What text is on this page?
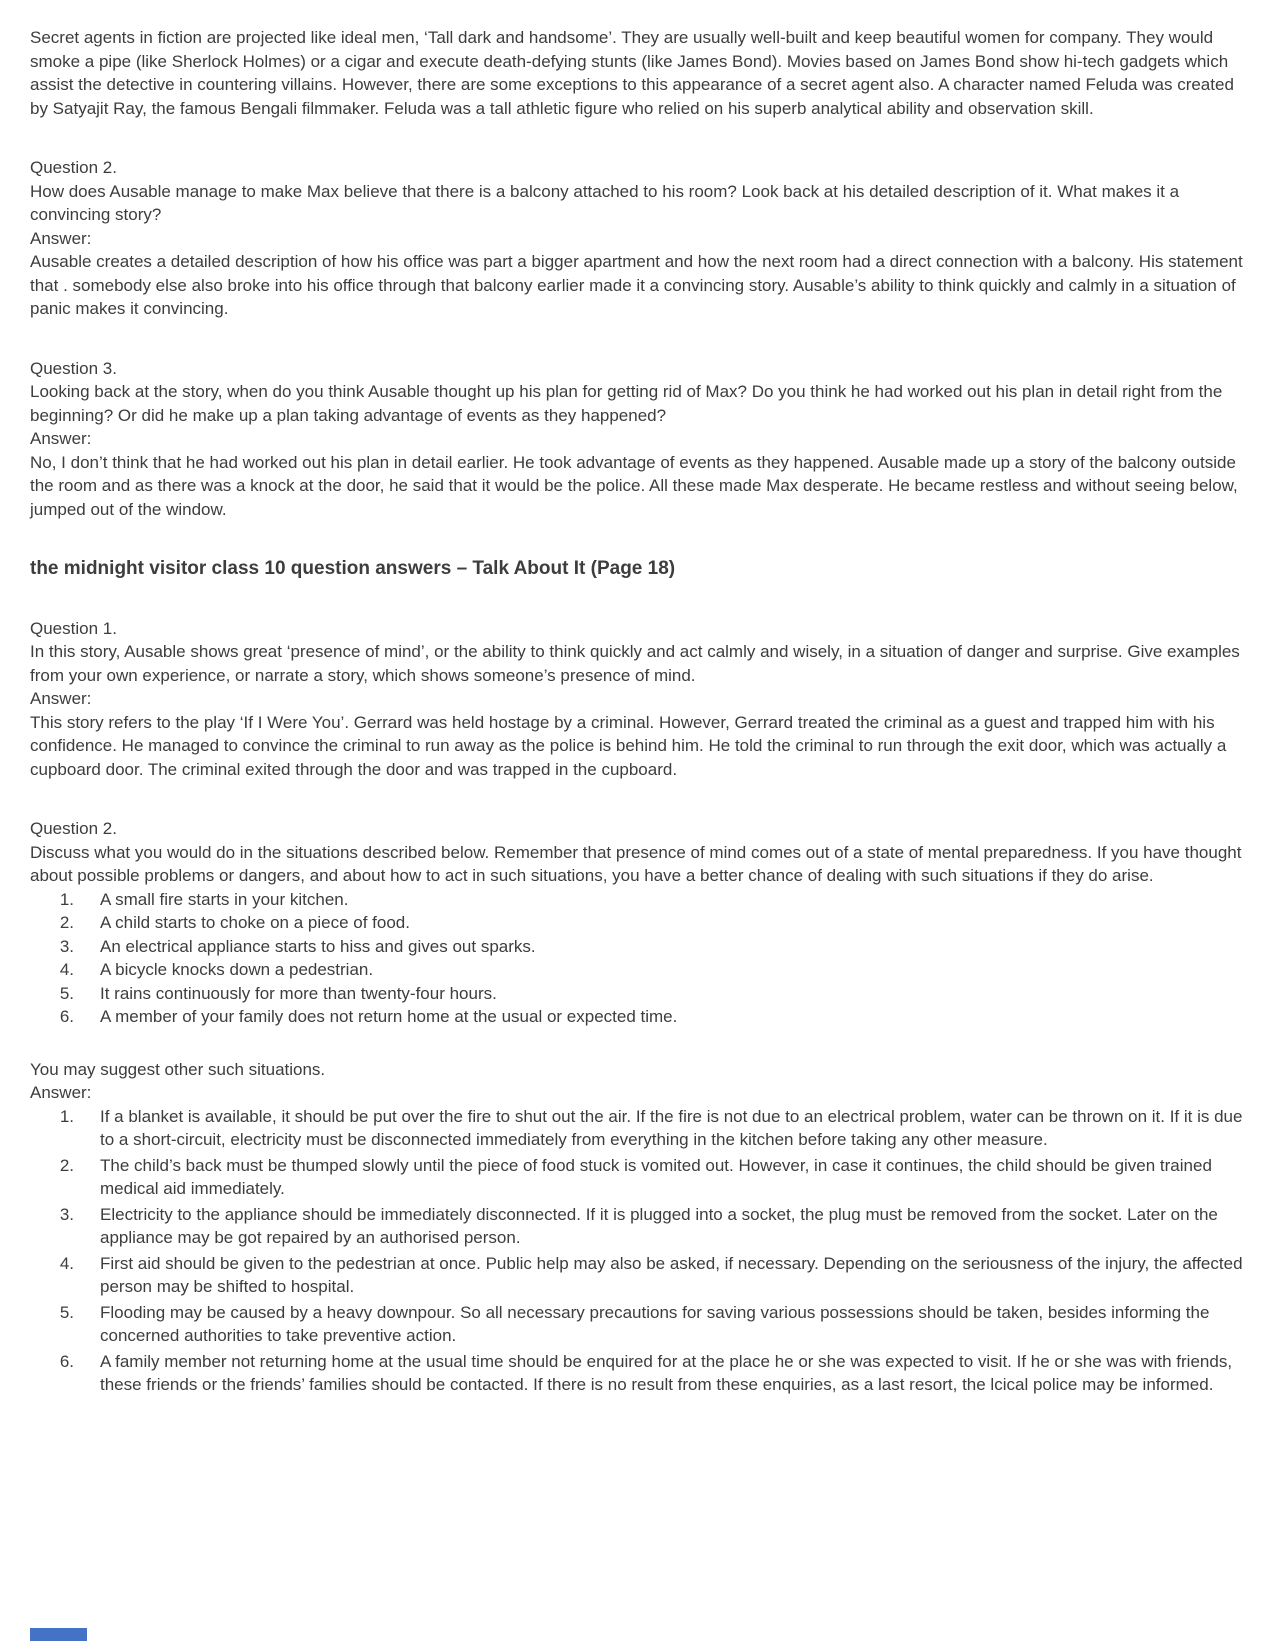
Secret agents in fiction are projected like ideal men, ‘Tall dark and handsome’. They are usually well-built and keep beautiful women for company. They would smoke a pipe (like Sherlock Holmes) or a cigar and execute death-defying stunts (like James Bond). Movies based on James Bond show hi-tech gadgets which assist the detective in countering villains. However, there are some exceptions to this appearance of a secret agent also. A character named Feluda was created by Satyajit Ray, the famous Bengali filmmaker. Feluda was a tall athletic figure who relied on his superb analytical ability and observation skill.

Question 2.
How does Ausable manage to make Max believe that there is a balcony attached to his room? Look back at his detailed description of it. What makes it a convincing story?
Answer:
Ausable creates a detailed description of how his office was part a bigger apartment and how the next room had a direct connection with a balcony. His statement that . somebody else also broke into his office through that balcony earlier made it a convincing story. Ausable’s ability to think quickly and calmly in a situation of panic makes it convincing.
Question 3.
Looking back at the story, when do you think Ausable thought up his plan for getting rid of Max? Do you think he had worked out his plan in detail right from the beginning? Or did he make up a plan taking advantage of events as they happened?
Answer:
No, I don’t think that he had worked out his plan in detail earlier. He took advantage of events as they happened. Ausable made up a story of the balcony outside the room and as there was a knock at the door, he said that it would be the police. All these made Max desperate. He became restless and without seeing below, jumped out of the window.
the midnight visitor class 10 question answers – Talk About It (Page 18)
Question 1.
In this story, Ausable shows great ‘presence of mind’, or the ability to think quickly and act calmly and wisely, in a situation of danger and surprise. Give examples from your own experience, or narrate a story, which shows someone’s presence of mind.
Answer:
This story refers to the play ‘If I Were You’. Gerrard was held hostage by a criminal. However, Gerrard treated the criminal as a guest and trapped him with his confidence. He managed to convince the criminal to run away as the police is behind him. He told the criminal to run through the exit door, which was actually a cupboard door. The criminal exited through the door and was trapped in the cupboard.
Question 2.
Discuss what you would do in the situations described below. Remember that presence of mind comes out of a state of mental preparedness. If you have thought about possible problems or dangers, and about how to act in such situations, you have a better chance of dealing with such situations if they do arise.
1.	A small fire starts in your kitchen.
2.	A child starts to choke on a piece of food.
3.	An electrical appliance starts to hiss and gives out sparks.
4.	A bicycle knocks down a pedestrian.
5.	It rains continuously for more than twenty-four hours.
6.	A member of your family does not return home at the usual or expected time.
You may suggest other such situations.
Answer:
1.	If a blanket is available, it should be put over the fire to shut out the air. If the fire is not due to an electrical problem, water can be thrown on it. If it is due to a short-circuit, electricity must be disconnected immediately from everything in the kitchen before taking any other measure.
2.	The child’s back must be thumped slowly until the piece of food stuck is vomited out. However, in case it continues, the child should be given trained medical aid immediately.
3.	Electricity to the appliance should be immediately disconnected. If it is plugged into a socket, the plug must be removed from the socket. Later on the appliance may be got repaired by an authorised person.
4.	First aid should be given to the pedestrian at once. Public help may also be asked, if necessary. Depending on the seriousness of the injury, the affected person may be shifted to hospital.
5.	Flooding may be caused by a heavy downpour. So all necessary precautions for saving various possessions should be taken, besides informing the concerned authorities to take preventive action.
6.	A family member not returning home at the usual time should be enquired for at the place he or she was expected to visit. If he or she was with friends, these friends or the friends’ families should be contacted. If there is no result from these enquiries, as a last resort, the lcical police may be informed.
